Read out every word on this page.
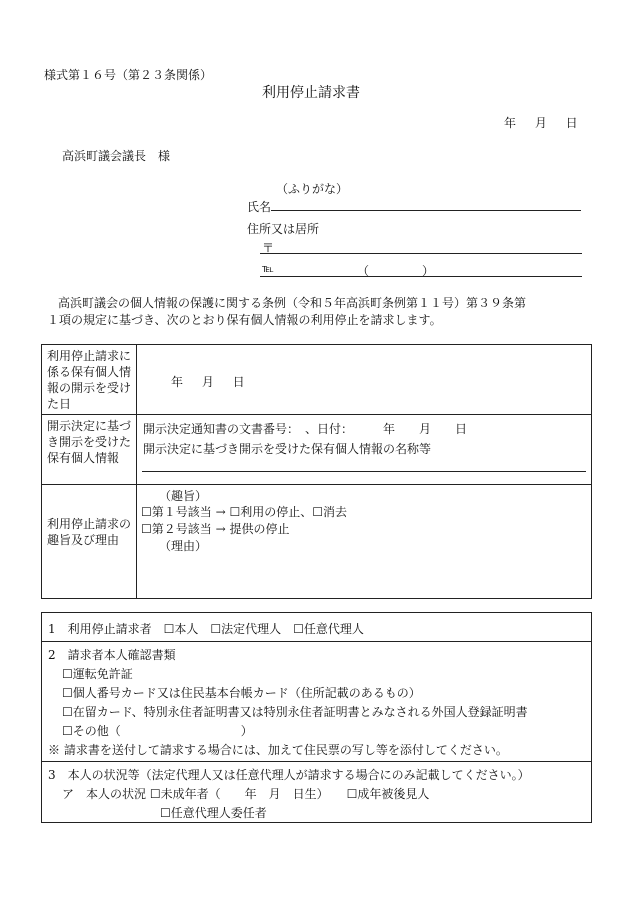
様式第１６号（第２３条関係）
利用停止請求書
年　 月　 日
高浜町議会議長　様
（ふりがな）
氏名
住所又は居所
〒
℡	（	）
高浜町議会の個人情報の保護に関する条例（令和５年高浜町条例第１１号）第３９条第
１項の規定に基づき、次のとおり保有個人情報の利用停止を請求します。
利用停止請求に係る保有個人情報の開示を受けた日	年　 月　 日

開示決定に基づき開示を受けた保有個人情報	開示決定通知書の文書番号：　、日付：　　　年　　月　　日
開示決定に基づき開示を受けた保有個人情報の名称等

利用停止請求の趣旨及び理由	（趣旨）
☐第１号該当 → ☐利用の停止、☐消去
☐第２号該当 → 提供の停止
（理由）
1　利用停止請求者　☐本人　☐法定代理人　☐任意代理人
2　請求者本人確認書類
☐運転免許証
☐個人番号カード又は住民基本台帳カード（住所記載のあるもの）
☐在留カード、特別永住者証明書又は特別永住者証明書とみなされる外国人登録証明書
☐その他（　　　　　　　　　　）
※ 請求書を送付して請求する場合には、加えて住民票の写し等を添付してください。
3　本人の状況等（法定代理人又は任意代理人が請求する場合にのみ記載してください。）
ア　本人の状況 ☐未成年者（　　年　月　日生）　　☐成年被後見人
☐任意代理人委任者
